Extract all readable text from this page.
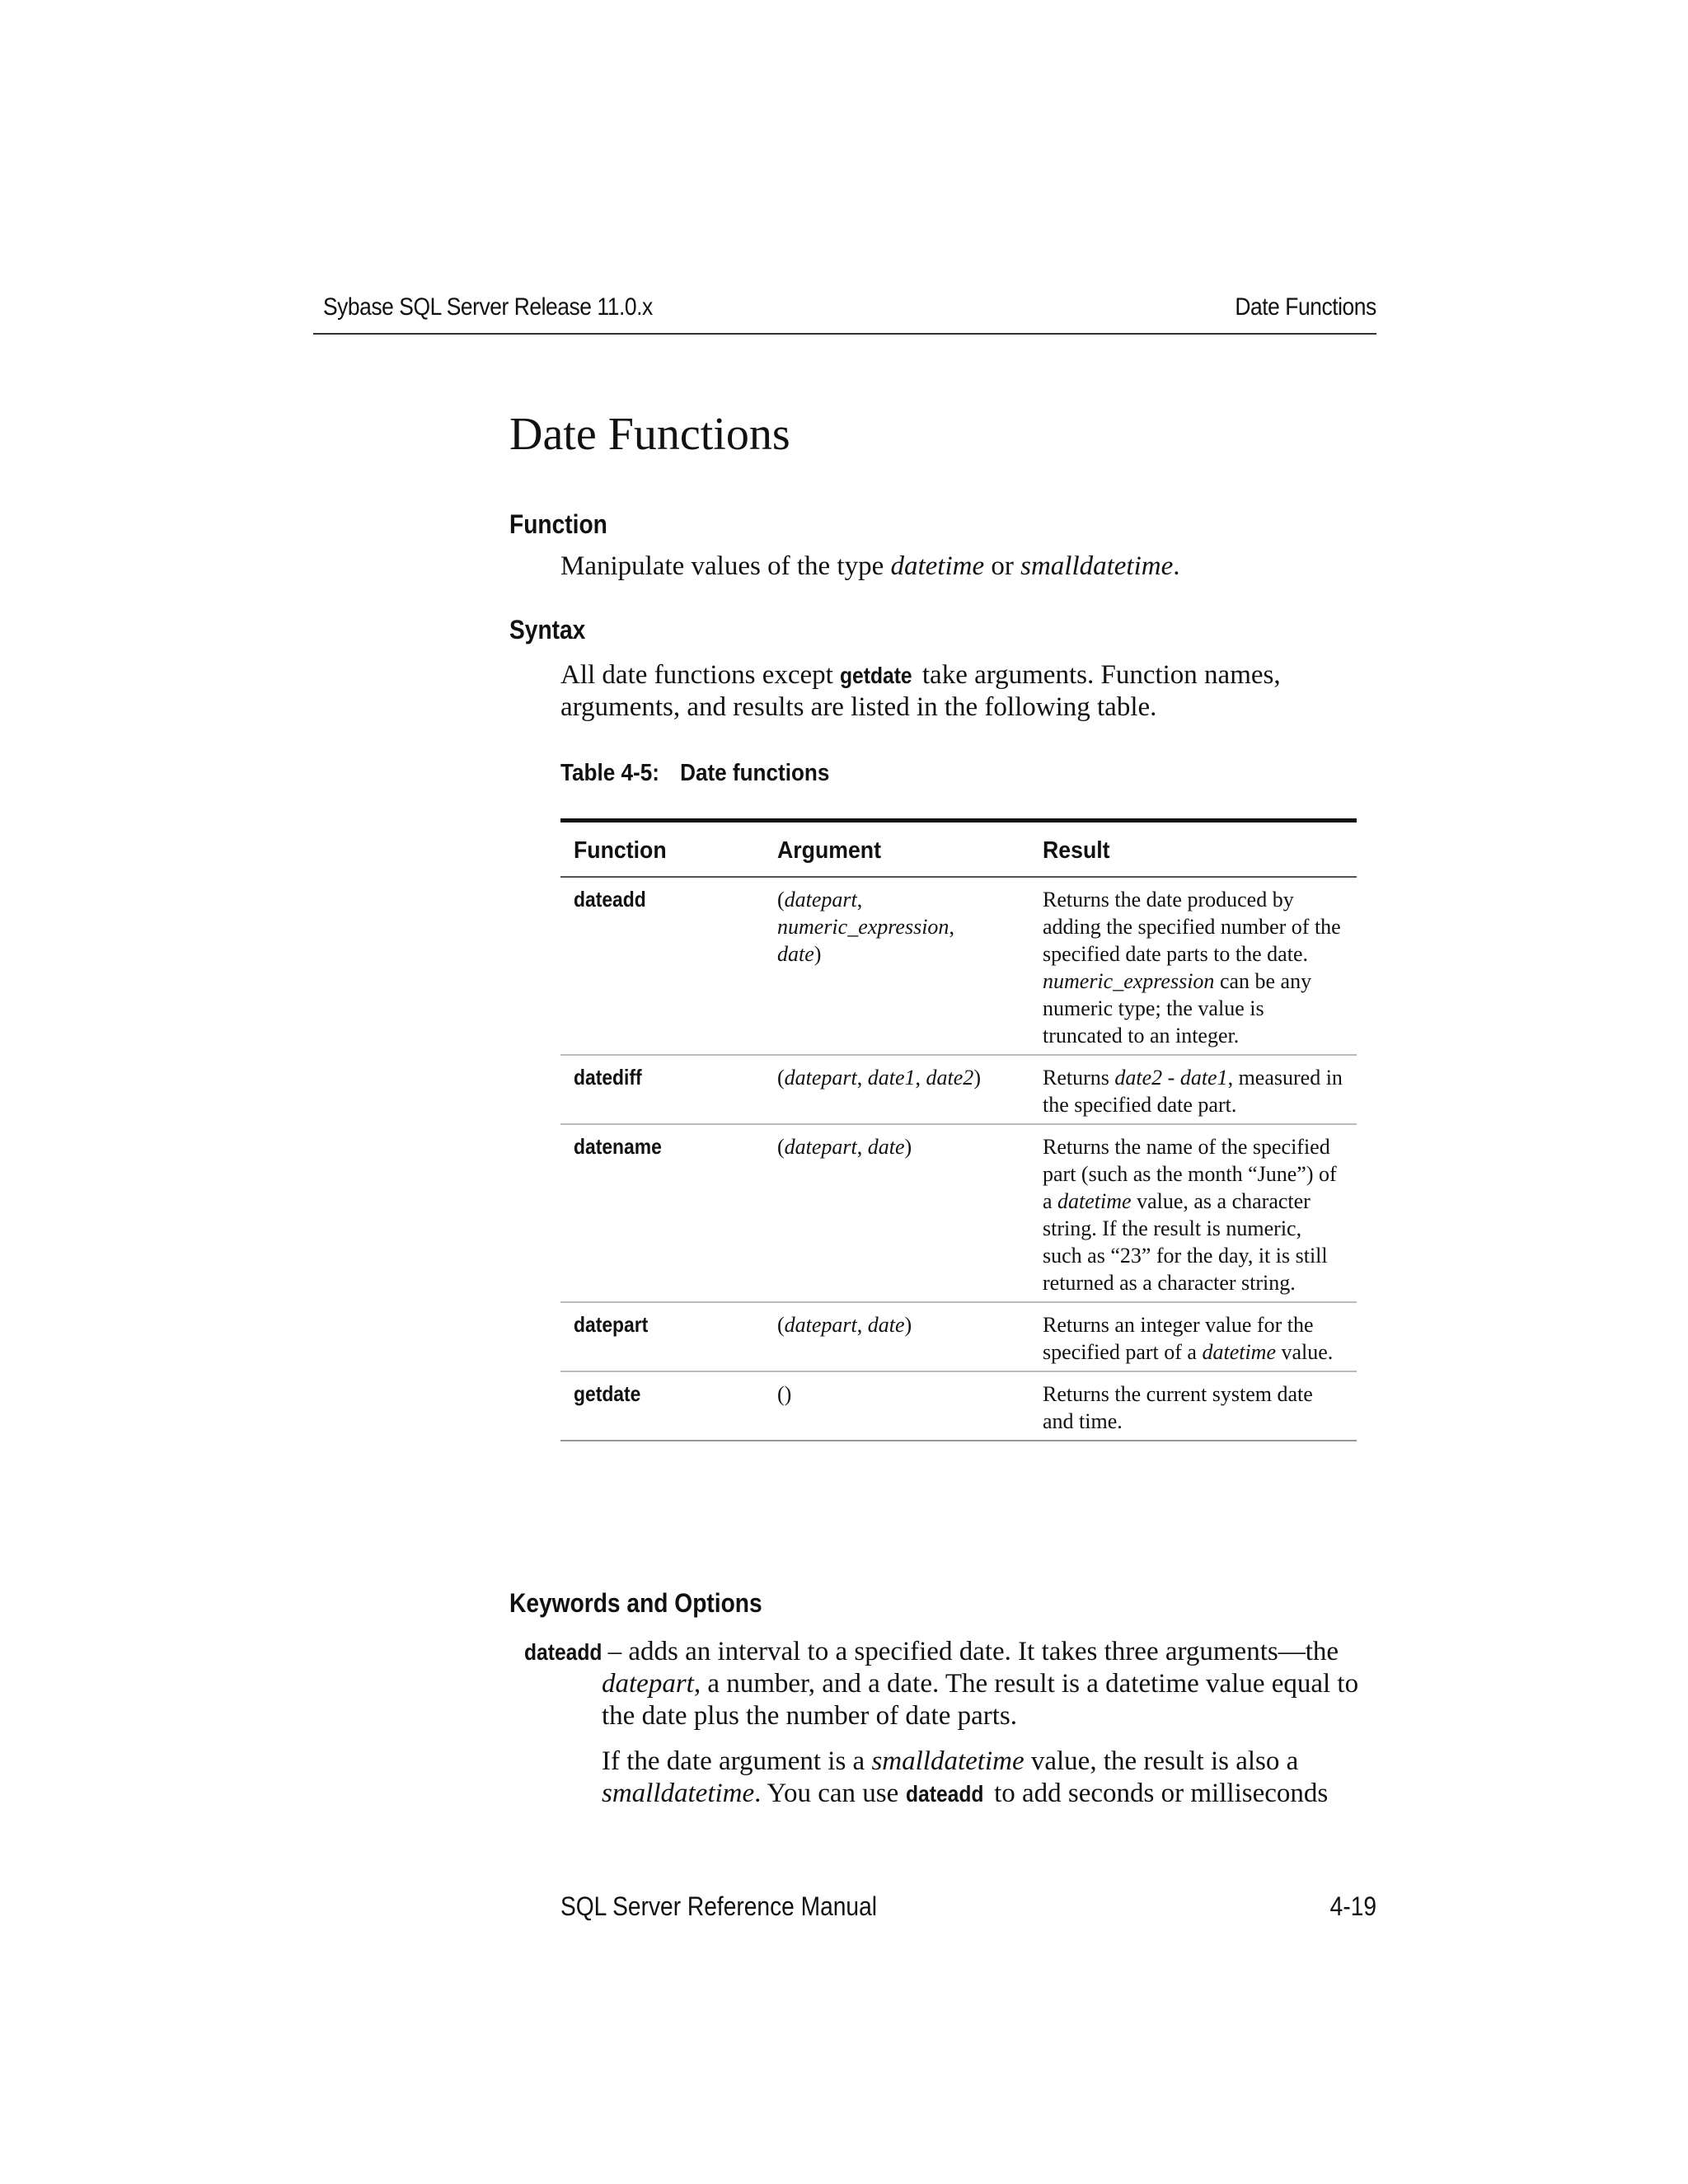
Sybase SQL Server Release 11.0.x	Date Functions
Date Functions
Function
Manipulate values of the type datetime or smalldatetime.
Syntax
All date functions except getdate take arguments. Function names, arguments, and results are listed in the following table.
Table 4-5: Date functions
Function	Argument	Result
dateadd	(datepart,
numeric_expression,
date)	Returns the date produced by adding the specified number of the specified date parts to the date. numeric_expression can be any numeric type; the value is truncated to an integer.
datediff	(datepart, date1, date2)	Returns date2 - date1, measured in the specified date part.
datename	(datepart, date)	Returns the name of the specified part (such as the month “June”) of a datetime value, as a character string. If the result is numeric, such as “23” for the day, it is still returned as a character string.
datepart	(datepart, date)	Returns an integer value for the specified part of a datetime value.
getdate	()	Returns the current system date and time.
Keywords and Options

dateadd – adds an interval to a specified date. It takes three arguments—the datepart, a number, and a date. The result is a datetime value equal to the date plus the number of date parts.

If the date argument is a smalldatetime value, the result is also a smalldatetime. You can use dateadd to add seconds or milliseconds

SQL Server Reference Manual	4-19
